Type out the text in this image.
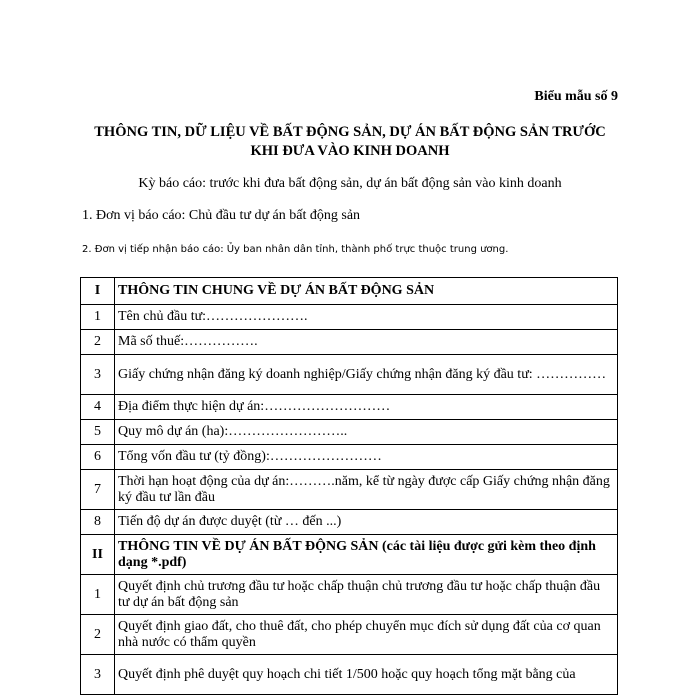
Biểu mẫu số 9
THÔNG TIN, DỮ LIỆU VỀ BẤT ĐỘNG SẢN, DỰ ÁN BẤT ĐỘNG SẢN TRƯỚC
KHI ĐƯA VÀO KINH DOANH
Kỳ báo cáo: trước khi đưa bất động sản, dự án bất động sản vào kinh doanh
1. Đơn vị báo cáo: Chủ đầu tư dự án bất động sản
2. Đơn vị tiếp nhận báo cáo: Ủy ban nhân dân tỉnh, thành phố trực thuộc trung ương.
I	THÔNG TIN CHUNG VỀ DỰ ÁN BẤT ĐỘNG SẢN
1	Tên chủ đầu tư:………………….
2	Mã số thuế:…………….
3	Giấy chứng nhận đăng ký doanh nghiệp/Giấy chứng nhận đăng ký đầu tư: ……………
4	Địa điểm thực hiện dự án:………………………
5	Quy mô dự án (ha):……………………..
6	Tổng vốn đầu tư (tỷ đồng):……………………
7	Thời hạn hoạt động của dự án:……….năm, kể từ ngày được cấp Giấy chứng nhận đăng ký đầu tư lần đầu
8	Tiến độ dự án được duyệt (từ … đến ...)
II	THÔNG TIN VỀ DỰ ÁN BẤT ĐỘNG SẢN (các tài liệu được gửi kèm theo định dạng *.pdf)
1	Quyết định chủ trương đầu tư hoặc chấp thuận chủ trương đầu tư hoặc chấp thuận đầu tư dự án bất động sản
2	Quyết định giao đất, cho thuê đất, cho phép chuyển mục đích sử dụng đất của cơ quan nhà nước có thẩm quyền
3	Quyết định phê duyệt quy hoạch chi tiết 1/500 hoặc quy hoạch tổng mặt bằng của
